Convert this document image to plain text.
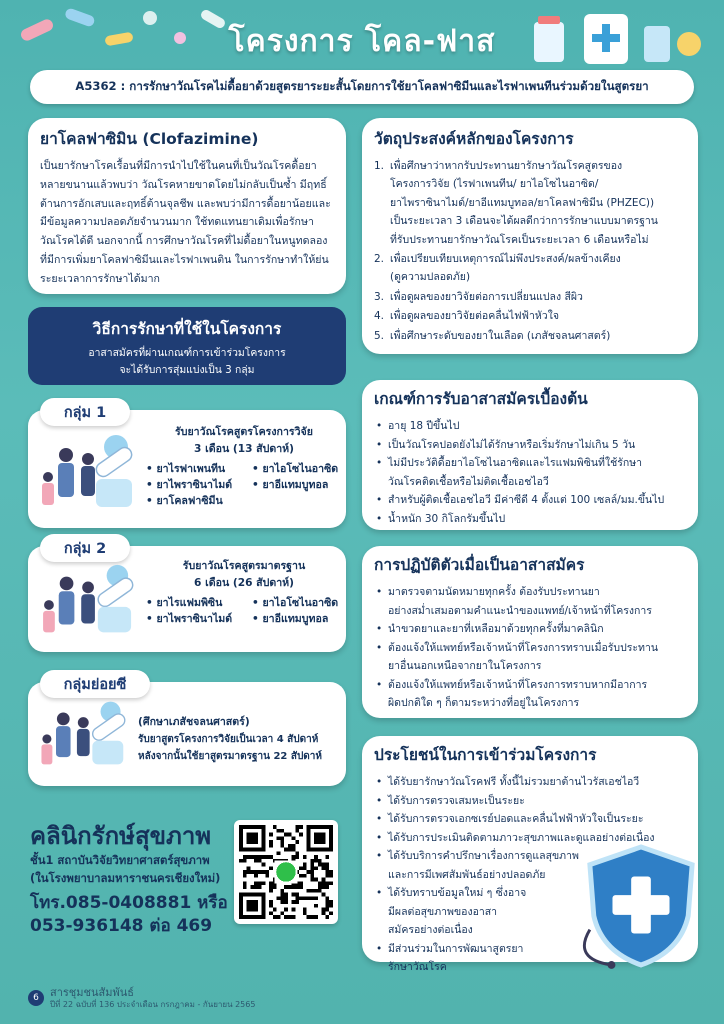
โครงการ โคล-ฟาส
A5362 : การรักษาวัณโรคไม่ดื้อยาด้วยสูตรยาระยะสั้นโดยการใช้ยาโคลฟาซิมีนและไรฟาเพนทีนร่วมด้วยในสูตรยา
ยาโคลฟาซิมิน (Clofazimine)

เป็นยารักษาโรคเรื้อนที่มีการนำไปใช้ในคนที่เป็นวัณโรคดื้อยาหลายขนานแล้วพบว่า วัณโรคหายขาดโดยไม่กลับเป็นซ้ำ มีฤทธิ์ต้านการอักเสบและฤทธิ์ต้านจุลชีพ และพบว่ามีการดื้อยาน้อยและมีข้อมูลความปลอดภัยจำนวนมาก ใช้ทดแทนยาเดิมเพื่อรักษาวัณโรคได้ดี นอกจากนี้ การศึกษาวัณโรคที่ไม่ดื้อยาในหนูทดลองที่มีการเพิ่มยาโคลฟาซิมีนและไรฟาเพนติน ในการรักษาทำให้ย่นระยะเวลาการรักษาได้มาก

วิธีการรักษาที่ใช้ในโครงการ

อาสาสมัครที่ผ่านเกณฑ์การเข้าร่วมโครงการ

จะได้รับการสุ่มแบ่งเป็น 3 กลุ่ม

กลุ่ม 1
รับยาวัณโรคสูตรโครงการวิจัย
3 เดือน (13 สัปดาห์)
• ยาไรฟาเพนทีน	• ยาไอโซไนอาซิด
• ยาไพราซินาไมด์	• ยาอีแทมบูทอล
• ยาโคลฟาซิมีน
กลุ่ม 2
รับยาวัณโรคสูตรมาตรฐาน
6 เดือน (26 สัปดาห์)
• ยาไรแฟมพิซิน	• ยาไอโซไนอาซิด
• ยาไพราซินาไมด์	• ยาอีแทมบูทอล
กลุ่มย่อยซี
(ศึกษาเภสัชจลนศาสตร์)
รับยาสูตรโครงการวิจัยเป็นเวลา 4 สัปดาห์
หลังจากนั้นใช้ยาสูตรมาตรฐาน 22 สัปดาห์
วัตถุประสงค์หลักของโครงการ
1. เพื่อศึกษาว่าหากรับประทานยารักษาวัณโรคสูตรของ
โครงการวิจัย (ไรฟาเพนทีน/ ยาไอโซไนอาซิด/
ยาไพราซินาไมด์/ยาอีแทมบูทอล/ยาโคลฟาซิมีน (PHZEC))
เป็นระยะเวลา 3 เดือนจะได้ผลดีกว่าการรักษาแบบมาตรฐาน
ที่รับประทานยารักษาวัณโรคเป็นระยะเวลา 6 เดือนหรือไม่
2. เพื่อเปรียบเทียบเหตุการณ์ไม่พึงประสงค์/ผลข้างเคียง
(ดูความปลอดภัย)
3. เพื่อดูผลของยาวิจัยต่อการเปลี่ยนแปลง สีผิว
4. เพื่อดูผลของยาวิจัยต่อคลื่นไฟฟ้าหัวใจ
5. เพื่อศึกษาระดับของยาในเลือด (เภสัชจลนศาสตร์)
เกณฑ์การรับอาสาสมัครเบื้องต้น
• อายุ 18 ปีขึ้นไป
• เป็นวัณโรคปอดยังไม่ได้รักษาหรือเริ่มรักษาไม่เกิน 5 วัน
• ไม่มีประวัติดื้อยาไอโซไนอาซิดและไรแฟมพิซินที่ใช้รักษา
วัณโรคติดเชื้อหรือไม่ติดเชื้อเอชไอวี
• สำหรับผู้ติดเชื้อเอชไอวี มีค่าซีดี 4 ตั้งแต่ 100 เซลล์/มม.ขึ้นไป
• น้ำหนัก 30 กิโลกรัมขึ้นไป
การปฏิบัติตัวเมื่อเป็นอาสาสมัคร
• มาตรวจตามนัดหมายทุกครั้ง ต้องรับประทานยา
อย่างสม่ำเสมอตามคำแนะนำของแพทย์/เจ้าหน้าที่โครงการ
• นำขวดยาและยาที่เหลือมาด้วยทุกครั้งที่มาคลินิก
• ต้องแจ้งให้แพทย์หรือเจ้าหน้าที่โครงการทราบเมื่อรับประทาน
ยาอื่นนอกเหนือจากยาในโครงการ
• ต้องแจ้งให้แพทย์หรือเจ้าหน้าที่โครงการทราบหากมีอาการ
ผิดปกติใด ๆ ก็ตามระหว่างที่อยู่ในโครงการ
ประโยชน์ในการเข้าร่วมโครงการ
• ได้รับยารักษาวัณโรคฟรี ทั้งนี้ไม่รวมยาต้านไวรัสเอชไอวี
• ได้รับการตรวจเสมหะเป็นระยะ
• ได้รับการตรวจเอกซเรย์ปอดและคลื่นไฟฟ้าหัวใจเป็นระยะ
• ได้รับการประเมินติดตามภาวะสุขภาพและดูแลอย่างต่อเนื่อง
• ได้รับบริการคำปรึกษาเรื่องการดูแลสุขภาพ
และการมีเพศสัมพันธ์อย่างปลอดภัย
• ได้รับทราบข้อมูลใหม่ ๆ ซึ่งอาจ
มีผลต่อสุขภาพของอาสา
สมัครอย่างต่อเนื่อง
• มีส่วนร่วมในการพัฒนาสูตรยา
รักษาวัณโรค
คลินิกรักษ์สุขภาพ
ชั้น1 สถาบันวิจัยวิทยาศาสตร์สุขภาพ
(ในโรงพยาบาลมหาราชนครเชียงใหม่)
โทร.085-0408881 หรือ
053-936148 ต่อ 469
6	สารชุมชนสัมพันธ์
ปีที่ 22 ฉบับที่ 136 ประจำเดือน กรกฎาคม - กันยายน 2565
